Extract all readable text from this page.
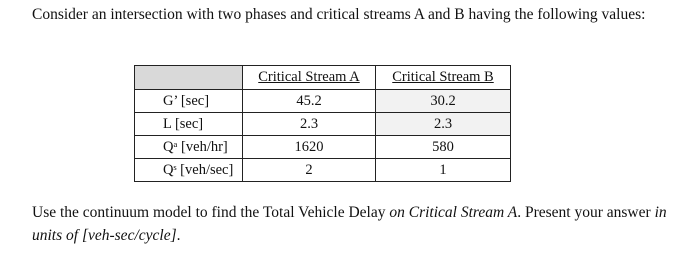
Consider an intersection with two phases and critical streams A and B having the following values:

	Critical Stream A	Critical Stream B
G’ [sec]	45.2	30.2
L [sec]	2.3	2.3
Qᵃ [veh/hr]	1620	580
Qˢ [veh/sec]	2	1

Use the continuum model to find the Total Vehicle Delay on Critical Stream A. Present your answer in units of [veh-sec/cycle].
